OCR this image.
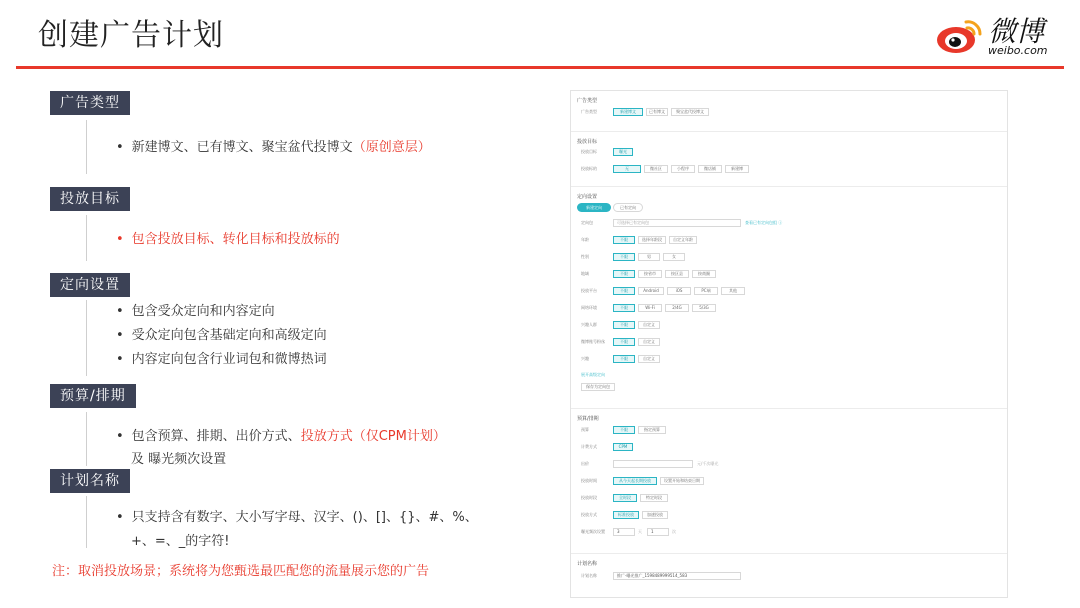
创建广告计划	微博
weibo.com
广告类型
• 新建博文、已有博文、聚宝盆代投博文（原创意层）
投放目标
• 包含投放目标、转化目标和投放标的
定向设置
• 包含受众定向和内容定向
• 受众定向包含基础定向和高级定向
• 内容定向包含行业词包和微博热词
预算/排期
• 包含预算、排期、出价方式、投放方式（仅CPM计划）
及 曝光频次设置
计划名称
• 只支持含有数字、大小写字母、汉字、()、[]、{}、#、%、
+、=、_的字符!
注：取消投放场景；系统将为您甄选最匹配您的流量展示您的广告
广告类型
广告类型	新建博文	已有博文	聚宝盆代投博文
投放目标
投放目标	曝光
投放标的	无	微社区	小程序	微店铺	新建博
定向设置
新建定向	已有定向
定向包	可选择已有定向包	查看已有定向包组 ⓘ
年龄	不限	选择年龄段	自定义年龄
性别	不限	男	女
地域	不限	按省市	按区县	按商圈
投放平台	不限	Android	iOS	PC端	其他
网络环境	不限	Wi-Fi	2/4G	5/3G
兴趣人群	不限	自定义
微博账号粉丝	不限	自定义
兴趣	不限	自定义
展开高级定向
保存为定向包
预算/排期
预算	不限	指定预算
计费方式	CPM
出价	元/千次曝光
投放时间	从今天起长期投放	设置开始和结束日期
投放时段	全时段	特定时段
投放方式	标准投放	加速投放
曝光频次设置	3	天	1	次
计划名称
计划名称	推广-曝光推广_1598489999514_583
